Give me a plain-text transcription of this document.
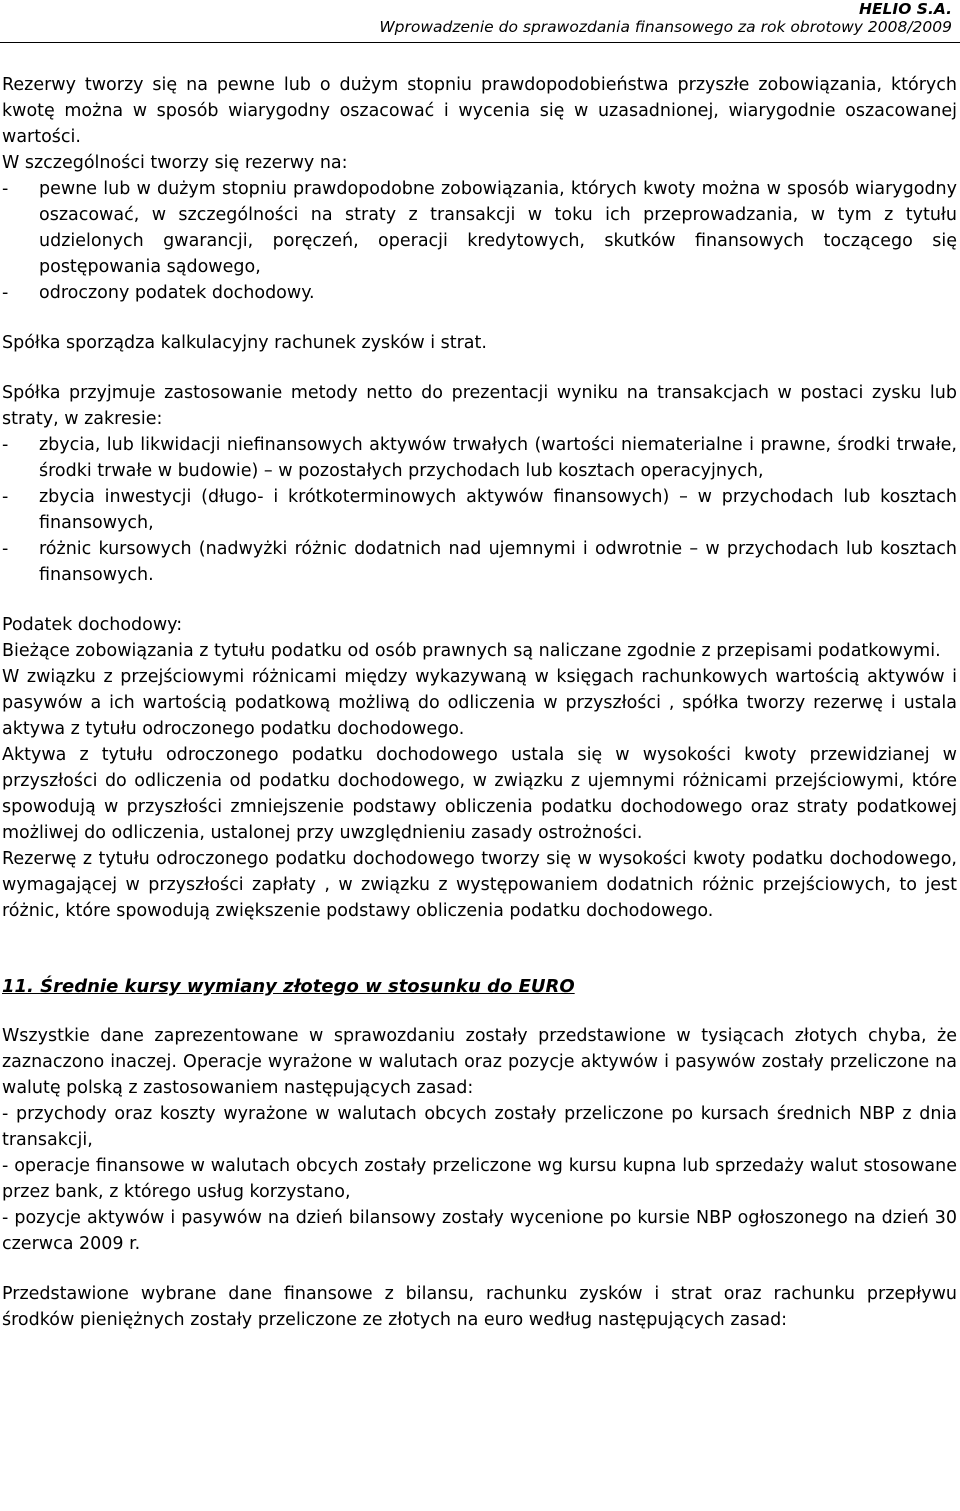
HELIO S.A.
Wprowadzenie do sprawozdania finansowego za rok obrotowy 2008/2009

Rezerwy tworzy się na pewne lub o dużym stopniu prawdopodobieństwa przyszłe zobowiązania, których kwotę można w sposób wiarygodny oszacować i wycenia się w uzasadnionej, wiarygodnie oszacowanej wartości.

W szczególności tworzy się rezerwy na:

- pewne lub w dużym stopniu prawdopodobne zobowiązania, których kwoty można w sposób wiarygodny oszacować, w szczególności na straty z transakcji w toku ich przeprowadzania, w tym z tytułu udzielonych gwarancji, poręczeń, operacji kredytowych, skutków finansowych toczącego się postępowania sądowego,
- odroczony podatek dochodowy.

Spółka sporządza kalkulacyjny rachunek zysków i strat.

Spółka przyjmuje zastosowanie metody netto do prezentacji wyniku na transakcjach w postaci zysku lub straty, w zakresie:

- zbycia, lub likwidacji niefinansowych aktywów trwałych (wartości niematerialne i prawne, środki trwałe, środki trwałe w budowie) – w pozostałych przychodach lub kosztach operacyjnych,
- zbycia inwestycji (długo- i krótkoterminowych aktywów finansowych) – w przychodach lub kosztach finansowych,
- różnic kursowych (nadwyżki różnic dodatnich nad ujemnymi i odwrotnie – w przychodach lub kosztach finansowych.

Podatek dochodowy:

Bieżące zobowiązania z tytułu podatku od osób prawnych są naliczane zgodnie z przepisami podatkowymi.

W związku z przejściowymi różnicami między wykazywaną w księgach rachunkowych wartością aktywów i pasywów a ich wartością podatkową możliwą do odliczenia w przyszłości , spółka tworzy rezerwę i ustala aktywa z tytułu odroczonego podatku dochodowego.

Aktywa z tytułu odroczonego podatku dochodowego ustala się w wysokości kwoty przewidzianej w przyszłości do odliczenia od podatku dochodowego, w związku z ujemnymi różnicami przejściowymi, które spowodują w przyszłości zmniejszenie podstawy obliczenia podatku dochodowego oraz straty podatkowej możliwej do odliczenia, ustalonej przy uwzględnieniu zasady ostrożności.

Rezerwę z tytułu odroczonego podatku dochodowego tworzy się w wysokości kwoty podatku dochodowego, wymagającej w przyszłości zapłaty , w związku z występowaniem dodatnich różnic przejściowych, to jest różnic, które spowodują zwiększenie podstawy obliczenia podatku dochodowego.

11. Średnie kursy wymiany złotego w stosunku do EURO

Wszystkie dane zaprezentowane w sprawozdaniu zostały przedstawione w tysiącach złotych chyba, że zaznaczono inaczej. Operacje wyrażone w walutach oraz pozycje aktywów i pasywów zostały przeliczone na walutę polską z zastosowaniem następujących zasad:

- przychody oraz koszty wyrażone w walutach obcych zostały przeliczone po kursach średnich NBP z dnia transakcji,

- operacje finansowe w walutach obcych zostały przeliczone wg kursu kupna lub sprzedaży walut stosowane przez bank, z którego usług korzystano,

- pozycje aktywów i pasywów na dzień bilansowy zostały wycenione po kursie NBP ogłoszonego na dzień 30 czerwca 2009 r.

Przedstawione wybrane dane finansowe z bilansu, rachunku zysków i strat oraz rachunku przepływu środków pieniężnych zostały przeliczone ze złotych na euro według następujących zasad:
